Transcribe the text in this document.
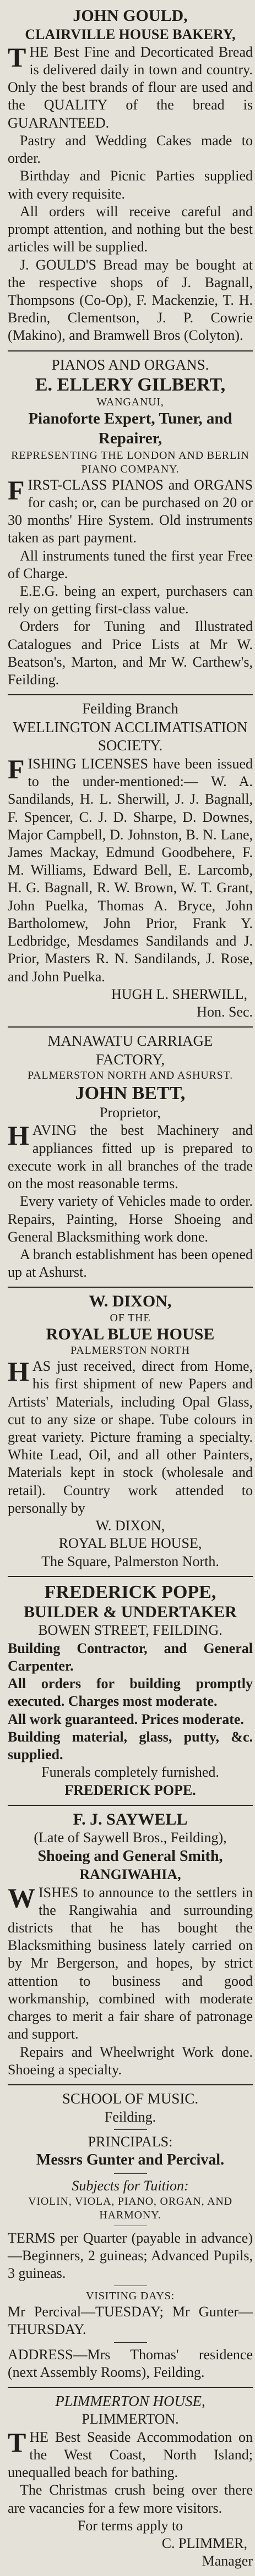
JOHN GOULD,
CLAIRVILLE HOUSE BAKERY,

THE Best Fine and Decorticated Bread is delivered daily in town and country. Only the best brands of flour are used and the QUALITY of the bread is GUARANTEED.

Pastry and Wedding Cakes made to order.

Birthday and Picnic Parties supplied with every requisite.

All orders will receive careful and prompt attention, and nothing but the best articles will be supplied.

J. GOULD'S Bread may be bought at the respective shops of J. Bagnall, Thompsons (Co-Op), F. Mackenzie, T. H. Bredin, Clementson, J. P. Cowrie (Makino), and Bramwell Bros (Colyton).

PIANOS AND ORGANS.
E. ELLERY GILBERT,
WANGANUI,
Pianoforte Expert, Tuner, and Repairer,
REPRESENTING THE LONDON AND BERLIN PIANO COMPANY.

FIRST-CLASS PIANOS and ORGANS for cash; or, can be purchased on 20 or 30 months' Hire System. Old instruments taken as part payment.

All instruments tuned the first year Free of Charge.

E.E.G. being an expert, purchasers can rely on getting first-class value.

Orders for Tuning and Illustrated Catalogues and Price Lists at Mr W. Beatson's, Marton, and Mr W. Carthew's, Feilding.

Feilding Branch
WELLINGTON ACCLIMATISATION SOCIETY.

FISHING LICENSES have been issued to the under-mentioned:— W. A. Sandilands, H. L. Sherwill, J. J. Bagnall, F. Spencer, C. J. D. Sharpe, D. Downes, Major Campbell, D. Johnston, B. N. Lane, James Mackay, Edmund Goodbehere, F. M. Williams, Edward Bell, E. Larcomb, H. G. Bagnall, R. W. Brown, W. T. Grant, John Puelka, Thomas A. Bryce, John Bartholomew, John Prior, Frank Y. Ledbridge, Mesdames Sandilands and J. Prior, Masters R. N. Sandilands, J. Rose, and John Puelka.

HUGH L. SHERWILL,
Hon. Sec.
MANAWATU CARRIAGE
FACTORY,
PALMERSTON NORTH AND ASHURST.
JOHN BETT,
Proprietor,

HAVING the best Machinery and appliances fitted up is prepared to execute work in all branches of the trade on the most reasonable terms.

Every variety of Vehicles made to order. Repairs, Painting, Horse Shoeing and General Blacksmithing work done.

A branch establishment has been opened up at Ashurst.

W. DIXON,
OF THE
ROYAL BLUE HOUSE
PALMERSTON NORTH

HAS just received, direct from Home, his first shipment of new Papers and Artists' Materials, including Opal Glass, cut to any size or shape. Tube colours in great variety. Picture framing a specialty. White Lead, Oil, and all other Painters, Materials kept in stock (wholesale and retail). Country work attended to personally by

W. DIXON,
ROYAL BLUE HOUSE,
The Square, Palmerston North.
FREDERICK POPE,
BUILDER & UNDERTAKER
BOWEN STREET, FEILDING.

Building Contractor, and General Carpenter.

All orders for building promptly executed. Charges most moderate.

All work guaranteed. Prices moderate.

Building material, glass, putty, &c. supplied.

Funerals completely furnished.

FREDERICK POPE.
F. J. SAYWELL
(Late of Saywell Bros., Feilding),
Shoeing and General Smith,
RANGIWAHIA,

WISHES to announce to the settlers in the Rangiwahia and surrounding districts that he has bought the Blacksmithing business lately carried on by Mr Bergerson, and hopes, by strict attention to business and good workmanship, combined with moderate charges to merit a fair share of patronage and support.

Repairs and Wheelwright Work done. Shoeing a specialty.

SCHOOL OF MUSIC.
Feilding.
PRINCIPALS:
Messrs Gunter and Percival.
Subjects for Tuition:
VIOLIN, VIOLA, PIANO, ORGAN, AND HARMONY.

TERMS per Quarter (payable in advance)—Beginners, 2 guineas; Advanced Pupils, 3 guineas.

VISITING DAYS:

Mr Percival—TUESDAY; Mr Gunter—THURSDAY.

ADDRESS—Mrs Thomas' residence (next Assembly Rooms), Feilding.

PLIMMERTON HOUSE,
PLIMMERTON.

THE Best Seaside Accommodation on the West Coast, North Island; unequalled beach for bathing.

The Christmas crush being over there are vacancies for a few more visitors.

For terms apply to

C. PLIMMER,
Manager
